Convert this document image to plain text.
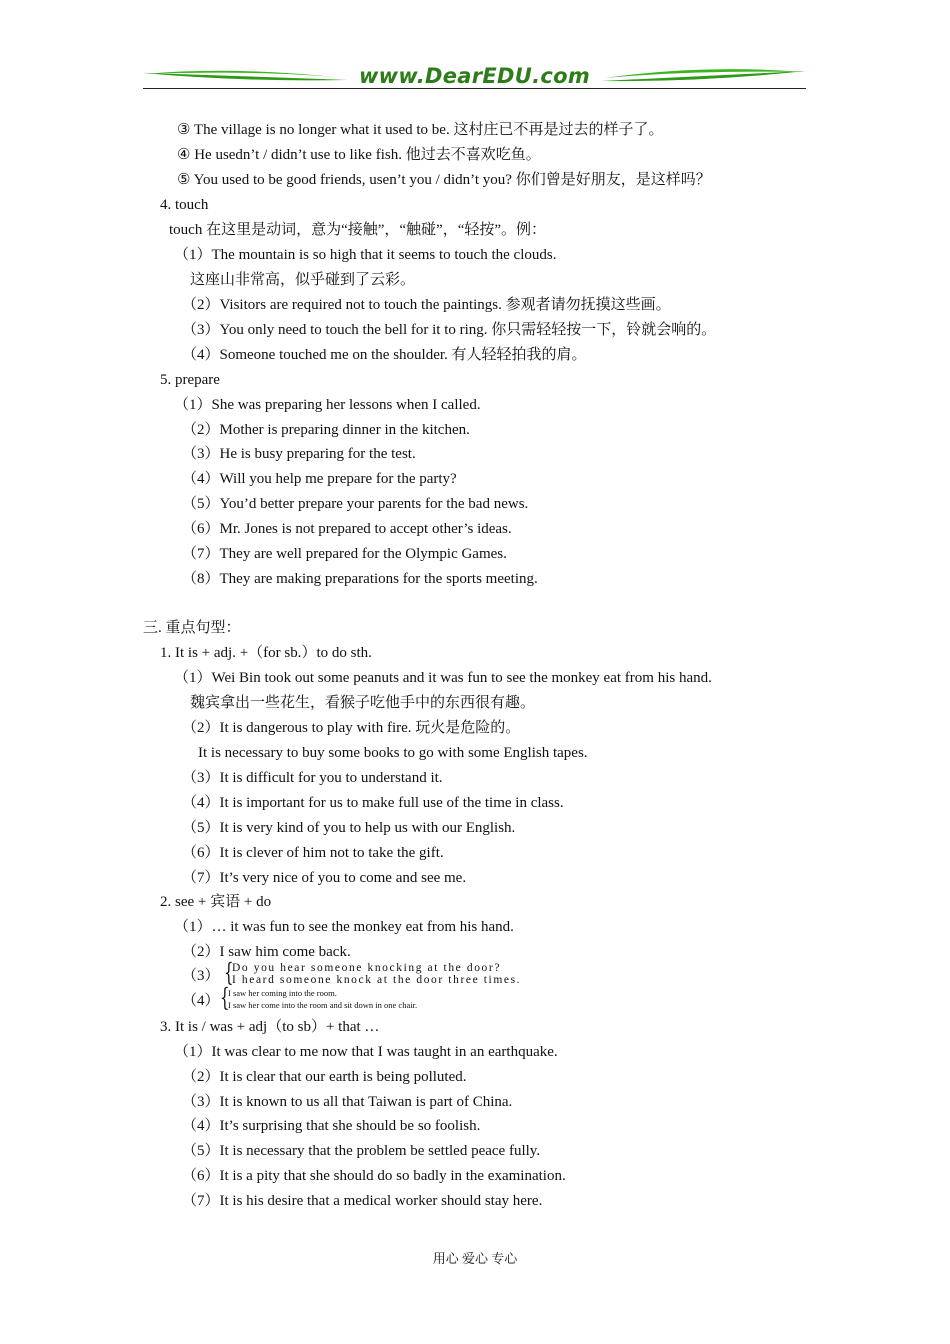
www.DearEDU.com
③ The village is no longer what it used to be. 这村庄已不再是过去的样子了。
④ He usedn’t / didn’t use to like fish. 他过去不喜欢吃鱼。
⑤ You used to be good friends, usen’t you / didn’t you? 你们曾是好朋友，是这样吗？
4. touch
touch 在这里是动词，意为“接触”，“触碰”，“轻按”。例：
（1）The mountain is so high that it seems to touch the clouds.
这座山非常高，似乎碰到了云彩。
（2）Visitors are required not to touch the paintings. 参观者请勿抚摸这些画。
（3）You only need to touch the bell for it to ring. 你只需轻轻按一下，铃就会响的。
（4）Someone touched me on the shoulder. 有人轻轻拍我的肩。
5. prepare
（1）She was preparing her lessons when I called.
（2）Mother is preparing dinner in the kitchen.
（3）He is busy preparing for the test.
（4）Will you help me prepare for the party?
（5）You’d better prepare your parents for the bad news.
（6）Mr. Jones is not prepared to accept other’s ideas.
（7）They are well prepared for the Olympic Games.
（8）They are making preparations for the sports meeting.
三. 重点句型：
1. It is + adj. +（for sb.）to do sth.
（1）Wei Bin took out some peanuts and it was fun to see the monkey eat from his hand.
魏宾拿出一些花生，看猴子吃他手中的东西很有趣。
（2）It is dangerous to play with fire. 玩火是危险的。
It is necessary to buy some books to go with some English tapes.
（3）It is difficult for you to understand it.
（4）It is important for us to make full use of the time in class.
（5）It is very kind of you to help us with our English.
（6）It is clever of him not to take the gift.
（7）It’s very nice of you to come and see me.
2. see + 宾语 + do
（1）… it was fun to see the monkey eat from his hand.
（2）I saw him come back.
（3） {
Do you hear someone knocking at the door?
I heard someone knock at the door three times.
（4） {
I saw her coming into the room.
I saw her come into the room and sit down in one chair.
3. It is / was + adj（to sb）+ that …
（1）It was clear to me now that I was taught in an earthquake.
（2）It is clear that our earth is being polluted.
（3）It is known to us all that Taiwan is part of China.
（4）It’s surprising that she should be so foolish.
（5）It is necessary that the problem be settled peace fully.
（6）It is a pity that she should do so badly in the examination.
（7）It is his desire that a medical worker should stay here.
用心 爱心 专心
